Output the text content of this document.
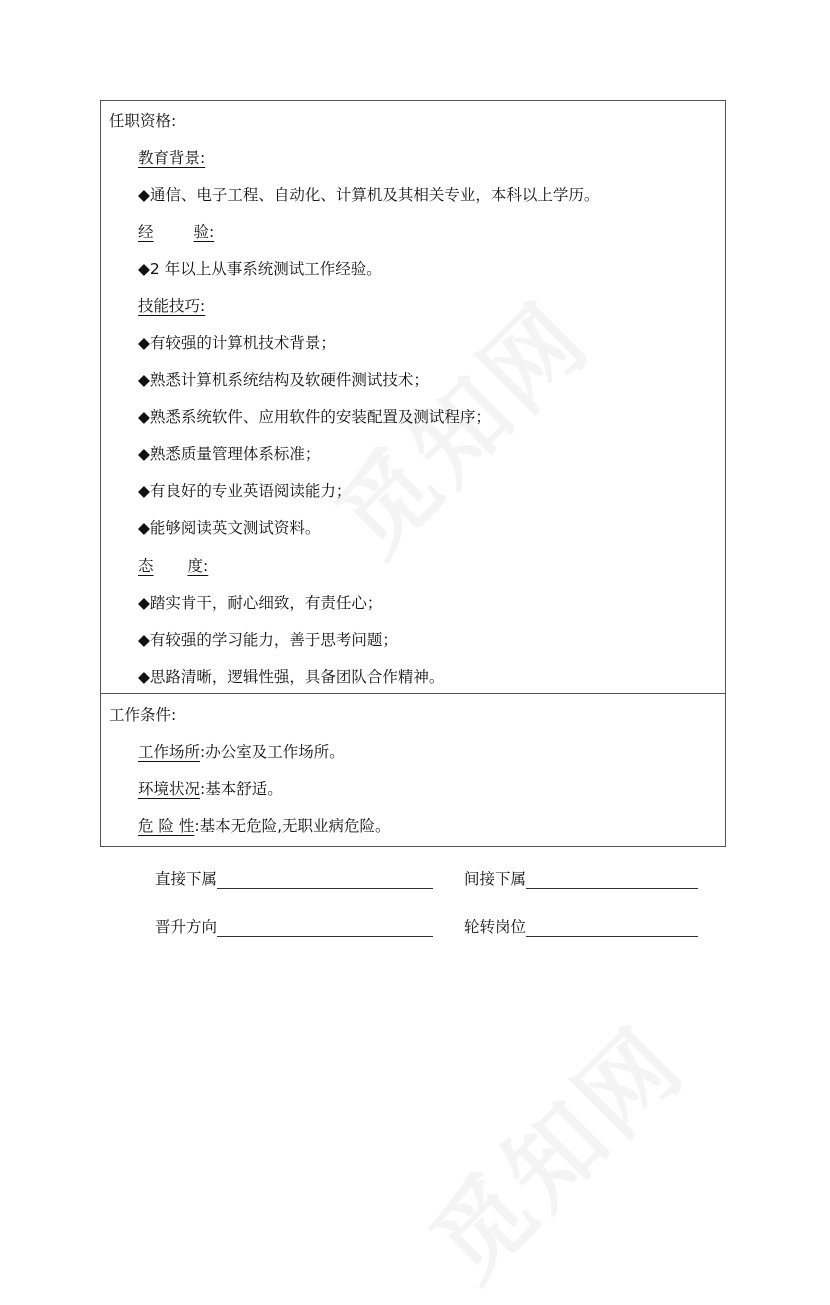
任职资格:
教育背景:
◆通信、电子工程、自动化、计算机及其相关专业，本科以上学历。
经	验:
◆2 年以上从事系统测试工作经验。
技能技巧:
◆有较强的计算机技术背景；
◆熟悉计算机系统结构及软硬件测试技术；
◆熟悉系统软件、应用软件的安装配置及测试程序；
◆熟悉质量管理体系标准；
◆有良好的专业英语阅读能力；
◆能够阅读英文测试资料。
态 度:
◆踏实肯干，耐心细致，有责任心；
◆有较强的学习能力，善于思考问题；
◆思路清晰，逻辑性强，具备团队合作精神。
工作条件:
工作场所:办公室及工作场所。
环境状况:基本舒适。
危 险 性:基本无危险,无职业病危险。
直接下属	间接下属
晋升方向	轮转岗位
